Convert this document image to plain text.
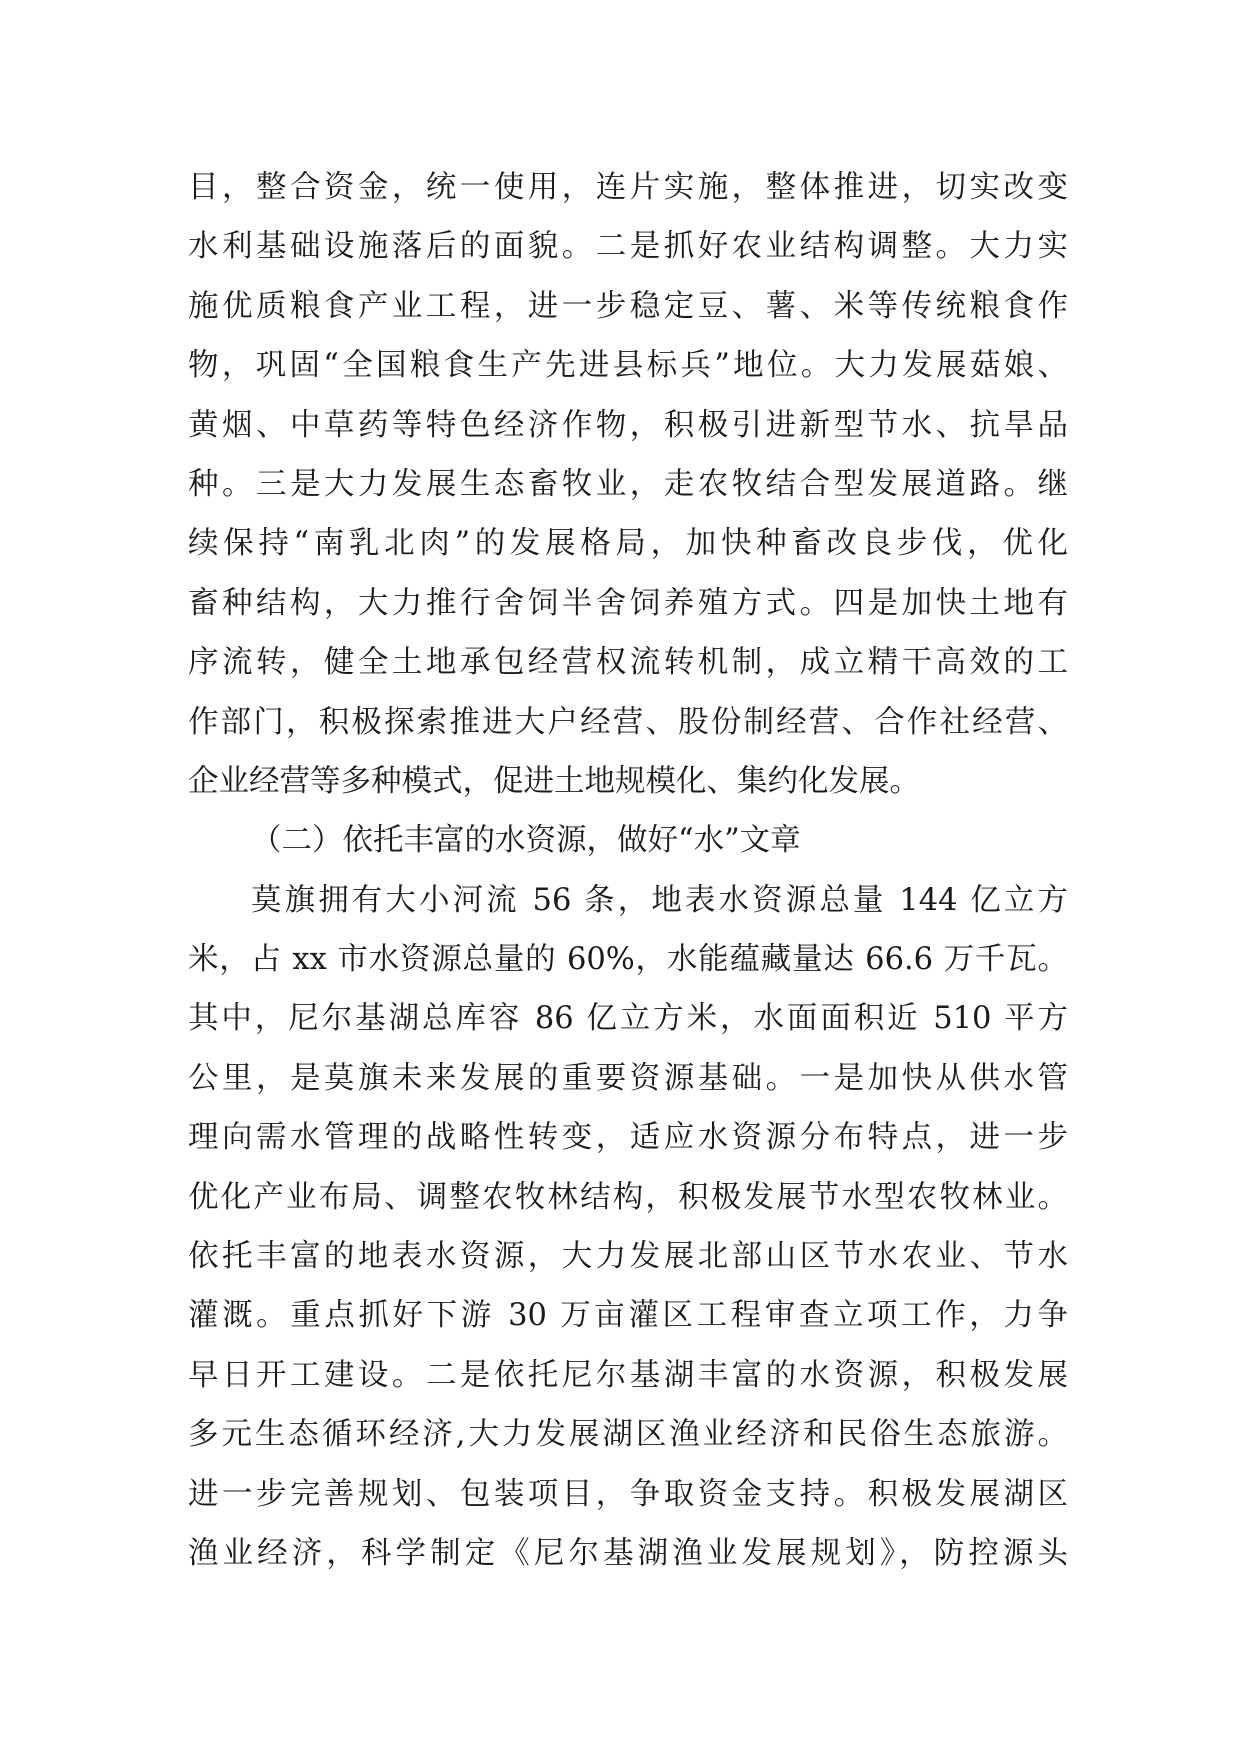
目，整合资金，统一使用，连片实施，整体推进，切实改变
水利基础设施落后的面貌。二是抓好农业结构调整。大力实
施优质粮食产业工程，进一步稳定豆、薯、米等传统粮食作
物，巩固“全国粮食生产先进县标兵”地位。大力发展菇娘、
黄烟、中草药等特色经济作物，积极引进新型节水、抗旱品
种。三是大力发展生态畜牧业，走农牧结合型发展道路。继
续保持“南乳北肉”的发展格局，加快种畜改良步伐，优化
畜种结构，大力推行舍饲半舍饲养殖方式。四是加快土地有
序流转，健全土地承包经营权流转机制，成立精干高效的工
作部门，积极探索推进大户经营、股份制经营、合作社经营、
企业经营等多种模式，促进土地规模化、集约化发展。
（二）依托丰富的水资源，做好“水”文章
莫旗拥有大小河流 56 条，地表水资源总量 144 亿立方
米，占 xx 市水资源总量的 60%，水能蕴藏量达 66.6 万千瓦。
其中，尼尔基湖总库容 86 亿立方米，水面面积近 510 平方
公里，是莫旗未来发展的重要资源基础。一是加快从供水管
理向需水管理的战略性转变，适应水资源分布特点，进一步
优化产业布局、调整农牧林结构，积极发展节水型农牧林业。
依托丰富的地表水资源，大力发展北部山区节水农业、节水
灌溉。重点抓好下游 30 万亩灌区工程审查立项工作，力争
早日开工建设。二是依托尼尔基湖丰富的水资源，积极发展
多元生态循环经济,大力发展湖区渔业经济和民俗生态旅游。
进一步完善规划、包装项目，争取资金支持。积极发展湖区
渔业经济，科学制定《尼尔基湖渔业发展规划》，防控源头
